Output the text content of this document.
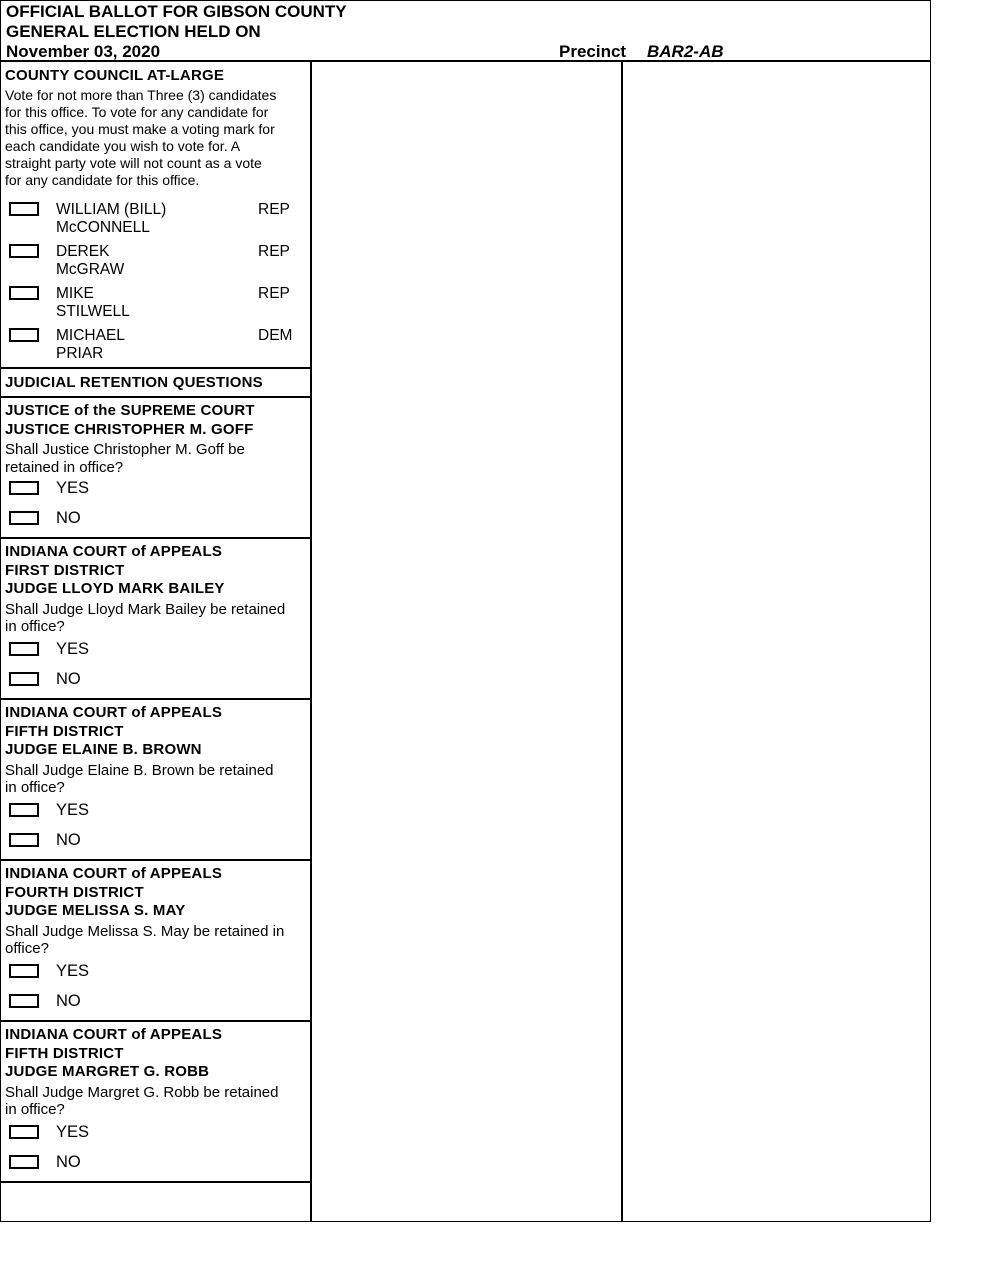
OFFICIAL BALLOT FOR GIBSON COUNTY
GENERAL ELECTION HELD ON
November 03, 2020	Precinct BAR2-AB
COUNTY COUNCIL AT-LARGE
Vote for not more than Three (3) candidates
for this office. To vote for any candidate for
this office, you must make a voting mark for
each candidate you wish to vote for. A
straight party vote will not count as a vote
for any candidate for this office.
WILLIAM (BILL)
McCONNELL
REP
DEREK
McGRAW
REP
MIKE
STILWELL
REP
MICHAEL
PRIAR
DEM
JUDICIAL RETENTION QUESTIONS
JUSTICE of the SUPREME COURT
JUSTICE CHRISTOPHER M. GOFF
Shall Justice Christopher M. Goff be
retained in office?
YES
NO
INDIANA COURT of APPEALS
FIRST DISTRICT
JUDGE LLOYD MARK BAILEY
Shall Judge Lloyd Mark Bailey be retained
in office?
YES
NO
INDIANA COURT of APPEALS
FIFTH DISTRICT
JUDGE ELAINE B. BROWN
Shall Judge Elaine B. Brown be retained
in office?
YES
NO
INDIANA COURT of APPEALS
FOURTH DISTRICT
JUDGE MELISSA S. MAY
Shall Judge Melissa S. May be retained in
office?
YES
NO
INDIANA COURT of APPEALS
FIFTH DISTRICT
JUDGE MARGRET G. ROBB
Shall Judge Margret G. Robb be retained
in office?
YES
NO
